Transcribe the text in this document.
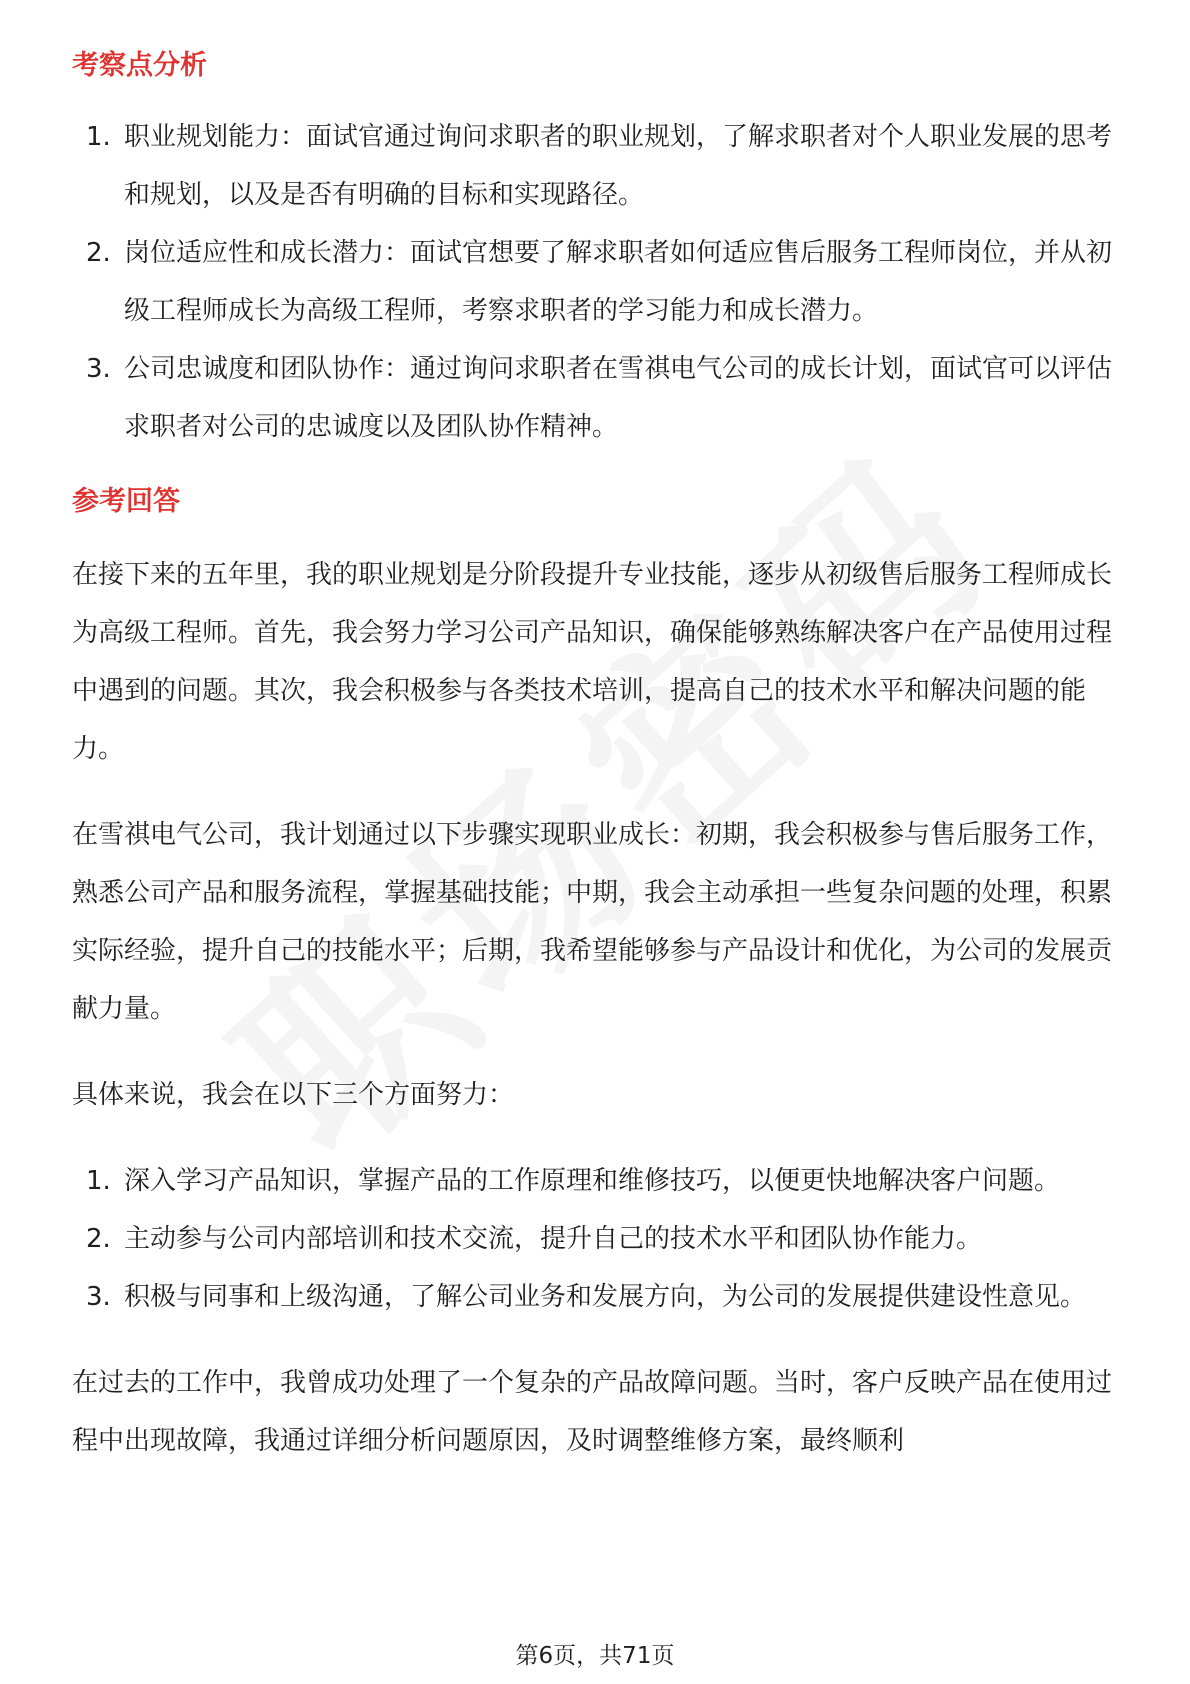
考察点分析
1. 职业规划能力：面试官通过询问求职者的职业规划，了解求职者对个人职业发展的思考和规划，以及是否有明确的目标和实现路径。
2. 岗位适应性和成长潜力：面试官想要了解求职者如何适应售后服务工程师岗位，并从初级工程师成长为高级工程师，考察求职者的学习能力和成长潜力。
3. 公司忠诚度和团队协作：通过询问求职者在雪祺电气公司的成长计划，面试官可以评估求职者对公司的忠诚度以及团队协作精神。
参考回答

在接下来的五年里，我的职业规划是分阶段提升专业技能，逐步从初级售后服务工程师成长为高级工程师。首先，我会努力学习公司产品知识，确保能够熟练解决客户在产品使用过程中遇到的问题。其次，我会积极参与各类技术培训，提高自己的技术水平和解决问题的能力。

在雪祺电气公司，我计划通过以下步骤实现职业成长：初期，我会积极参与售后服务工作，熟悉公司产品和服务流程，掌握基础技能；中期，我会主动承担一些复杂问题的处理，积累实际经验，提升自己的技能水平；后期，我希望能够参与产品设计和优化，为公司的发展贡献力量。

具体来说，我会在以下三个方面努力：

1. 深入学习产品知识，掌握产品的工作原理和维修技巧，以便更快地解决客户问题。
2. 主动参与公司内部培训和技术交流，提升自己的技术水平和团队协作能力。
3. 积极与同事和上级沟通，了解公司业务和发展方向，为公司的发展提供建设性意见。

在过去的工作中，我曾成功处理了一个复杂的产品故障问题。当时，客户反映产品在使用过程中出现故障，我通过详细分析问题原因，及时调整维修方案，最终顺利

第6页，共71页
